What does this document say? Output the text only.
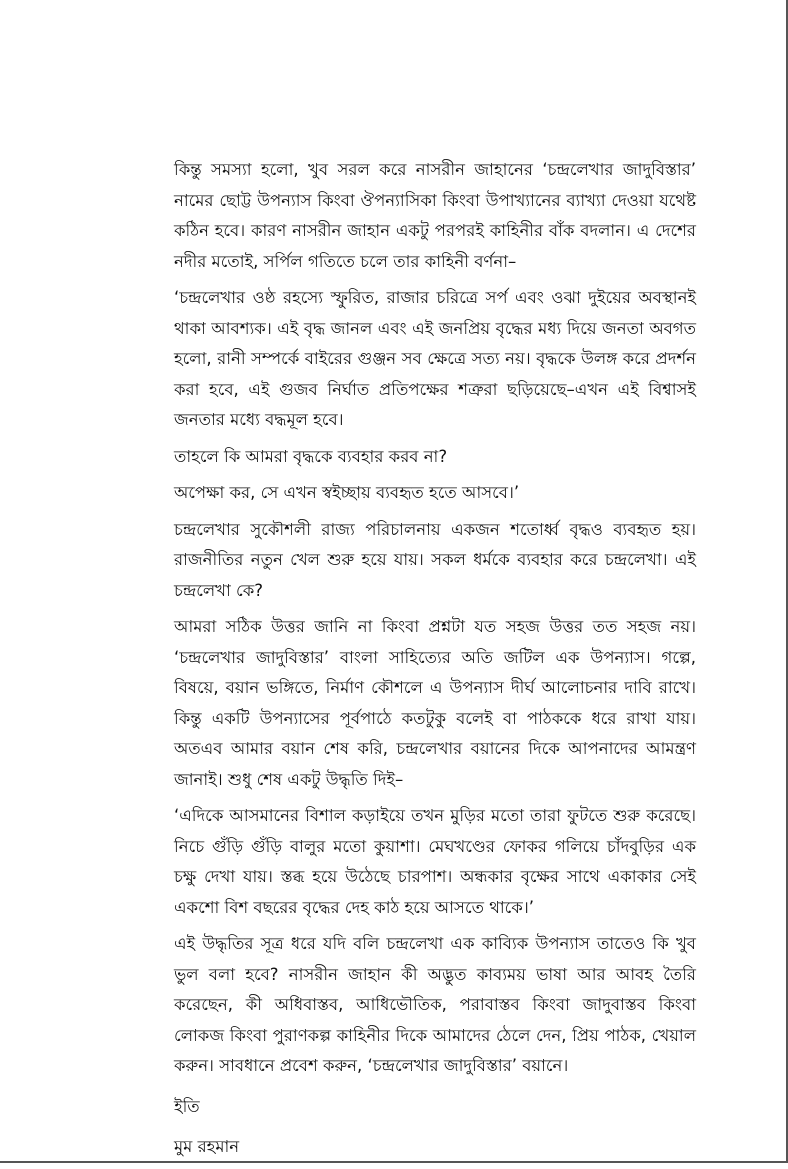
কিন্তু সমস্যা হলো, খুব সরল করে নাসরীন জাহানের ‘চন্দ্রলেখার জাদুবিস্তার’ নামের ছোট্ট উপন্যাস কিংবা ঔপন্যাসিকা কিংবা উপাখ্যানের ব্যাখ্যা দেওয়া যথেষ্ট কঠিন হবে। কারণ নাসরীন জাহান একটু পরপরই কাহিনীর বাঁক বদলান। এ দেশের নদীর মতোই, সর্পিল গতিতে চলে তার কাহিনী বর্ণনা–

‘চন্দ্রলেখার ওষ্ঠ রহস্যে স্ফুরিত, রাজার চরিত্রে সর্প এবং ওঝা দুইয়ের অবস্থানই থাকা আবশ্যক। এই বৃদ্ধ জানল এবং এই জনপ্রিয় বৃদ্ধের মধ্য দিয়ে জনতা অবগত হলো, রানী সম্পর্কে বাইরের গুঞ্জন সব ক্ষেত্রে সত্য নয়। বৃদ্ধকে উলঙ্গ করে প্রদর্শন করা হবে, এই গুজব নির্ঘাত প্রতিপক্ষের শত্রুরা ছড়িয়েছে–এখন এই বিশ্বাসই জনতার মধ্যে বদ্ধমূল হবে।

তাহলে কি আমরা বৃদ্ধকে ব্যবহার করব না?

অপেক্ষা কর, সে এখন স্বইচ্ছায় ব্যবহৃত হতে আসবে।’

চন্দ্রলেখার সুকৌশলী রাজ্য পরিচালনায় একজন শতোর্ধ্ব বৃদ্ধও ব্যবহৃত হয়। রাজনীতির নতুন খেল শুরু হয়ে যায়। সকল ধর্মকে ব্যবহার করে চন্দ্রলেখা। এই চন্দ্রলেখা কে?

আমরা সঠিক উত্তর জানি না কিংবা প্রশ্নটা যত সহজ উত্তর তত সহজ নয়। ‘চন্দ্রলেখার জাদুবিস্তার’ বাংলা সাহিত্যের অতি জটিল এক উপন্যাস। গল্পে, বিষয়ে, বয়ান ভঙ্গিতে, নির্মাণ কৌশলে এ উপন্যাস দীর্ঘ আলোচনার দাবি রাখে। কিন্তু একটি উপন্যাসের পূর্বপাঠে কতটুকু বলেই বা পাঠককে ধরে রাখা যায়। অতএব আমার বয়ান শেষ করি, চন্দ্রলেখার বয়ানের দিকে আপনাদের আমন্ত্রণ জানাই। শুধু শেষ একটু উদ্ধৃতি দিই–

‘এদিকে আসমানের বিশাল কড়াইয়ে তখন মুড়ির মতো তারা ফুটতে শুরু করেছে। নিচে গুঁড়ি গুঁড়ি বালুর মতো কুয়াশা। মেঘখণ্ডের ফোকর গলিয়ে চাঁদবুড়ির এক চক্ষু দেখা যায়। স্তব্ধ হয়ে উঠেছে চারপাশ। অন্ধকার বৃক্ষের সাথে একাকার সেই একশো বিশ বছরের বৃদ্ধের দেহ কাঠ হয়ে আসতে থাকে।’

এই উদ্ধৃতির সূত্র ধরে যদি বলি চন্দ্রলেখা এক কাব্যিক উপন্যাস তাতেও কি খুব ভুল বলা হবে? নাসরীন জাহান কী অদ্ভুত কাব্যময় ভাষা আর আবহ তৈরি করেছেন, কী অধিবাস্তব, আধিভৌতিক, পরাবাস্তব কিংবা জাদুবাস্তব কিংবা লোকজ কিংবা পুরাণকল্প কাহিনীর দিকে আমাদের ঠেলে দেন, প্রিয় পাঠক, খেয়াল করুন। সাবধানে প্রবেশ করুন, ‘চন্দ্রলেখার জাদুবিস্তার’ বয়ানে।

ইতি

মুম রহমান
